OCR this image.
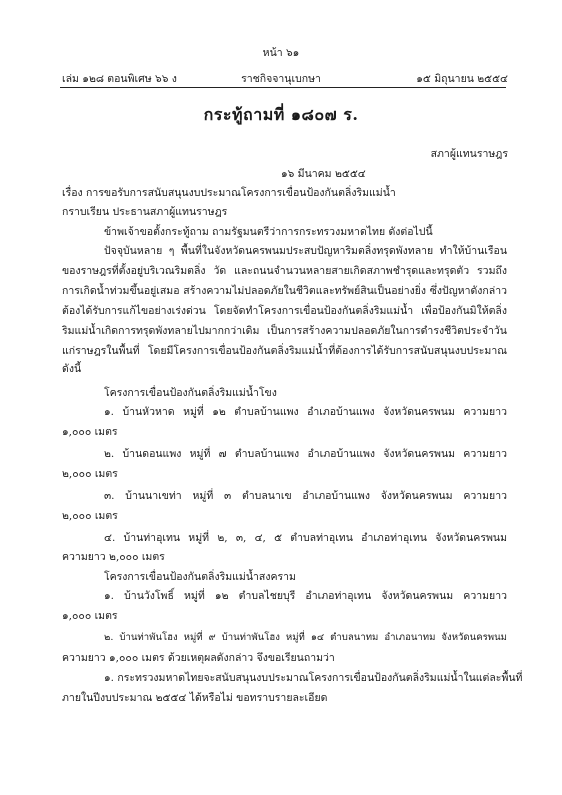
หน้า ๖๑
เล่ม ๑๒๘ ตอนพิเศษ ๖๖ ง	ราชกิจจานุเบกษา	๑๕ มิถุนายน ๒๕๕๔
กระทู้ถามที่ ๑๘๐๗ ร.
สภาผู้แทนราษฎร
๑๖ มีนาคม ๒๕๕๔
เรื่อง การขอรับการสนับสนุนงบประมาณโครงการเขื่อนป้องกันตลิ่งริมแม่น้ำ
กราบเรียน ประธานสภาผู้แทนราษฎร
ข้าพเจ้าขอตั้งกระทู้ถาม ถามรัฐมนตรีว่าการกระทรวงมหาดไทย ดังต่อไปนี้
ปัจจุบันหลาย ๆ พื้นที่ในจังหวัดนครพนมประสบปัญหาริมตลิ่งทรุดพังทลาย ทำให้บ้านเรือน
ของราษฎรที่ตั้งอยู่บริเวณริมตลิ่ง วัด และถนนจำนวนหลายสายเกิดสภาพชำรุดและทรุดตัว รวมถึง
การเกิดน้ำท่วมขึ้นอยู่เสมอ สร้างความไม่ปลอดภัยในชีวิตและทรัพย์สินเป็นอย่างยิ่ง ซึ่งปัญหาดังกล่าว
ต้องได้รับการแก้ไขอย่างเร่งด่วน โดยจัดทำโครงการเขื่อนป้องกันตลิ่งริมแม่น้ำ เพื่อป้องกันมิให้ตลิ่ง
ริมแม่น้ำเกิดการทรุดพังทลายไปมากกว่าเดิม เป็นการสร้างความปลอดภัยในการดำรงชีวิตประจำวัน
แก่ราษฎรในพื้นที่ โดยมีโครงการเขื่อนป้องกันตลิ่งริมแม่น้ำที่ต้องการได้รับการสนับสนุนงบประมาณ
ดังนี้
โครงการเขื่อนป้องกันตลิ่งริมแม่น้ำโขง
๑. บ้านหัวหาด หมู่ที่ ๑๒ ตำบลบ้านแพง อำเภอบ้านแพง จังหวัดนครพนม ความยาว
๑,๐๐๐ เมตร
๒. บ้านดอนแพง หมู่ที่ ๗ ตำบลบ้านแพง อำเภอบ้านแพง จังหวัดนครพนม ความยาว
๒,๐๐๐ เมตร
๓. บ้านนาเขท่า หมู่ที่ ๓ ตำบลนาเข อำเภอบ้านแพง จังหวัดนครพนม ความยาว
๒,๐๐๐ เมตร
๔. บ้านท่าอุเทน หมู่ที่ ๒, ๓, ๔, ๕ ตำบลท่าอุเทน อำเภอท่าอุเทน จังหวัดนครพนม
ความยาว ๒,๐๐๐ เมตร
โครงการเขื่อนป้องกันตลิ่งริมแม่น้ำสงคราม
๑. บ้านวังโพธิ์ หมู่ที่ ๑๒ ตำบลไชยบุรี อำเภอท่าอุเทน จังหวัดนครพนม ความยาว
๑,๐๐๐ เมตร
๒. บ้านท่าพันโฮง หมู่ที่ ๙ บ้านท่าพันโฮง หมู่ที่ ๑๔ ตำบลนาทม อำเภอนาทม จังหวัดนครพนม
ความยาว ๑,๐๐๐ เมตร ด้วยเหตุผลดังกล่าว จึงขอเรียนถามว่า
๑. กระทรวงมหาดไทยจะสนับสนุนงบประมาณโครงการเขื่อนป้องกันตลิ่งริมแม่น้ำในแต่ละพื้นที่
ภายในปีงบประมาณ ๒๕๕๔ ได้หรือไม่ ขอทราบรายละเอียด
